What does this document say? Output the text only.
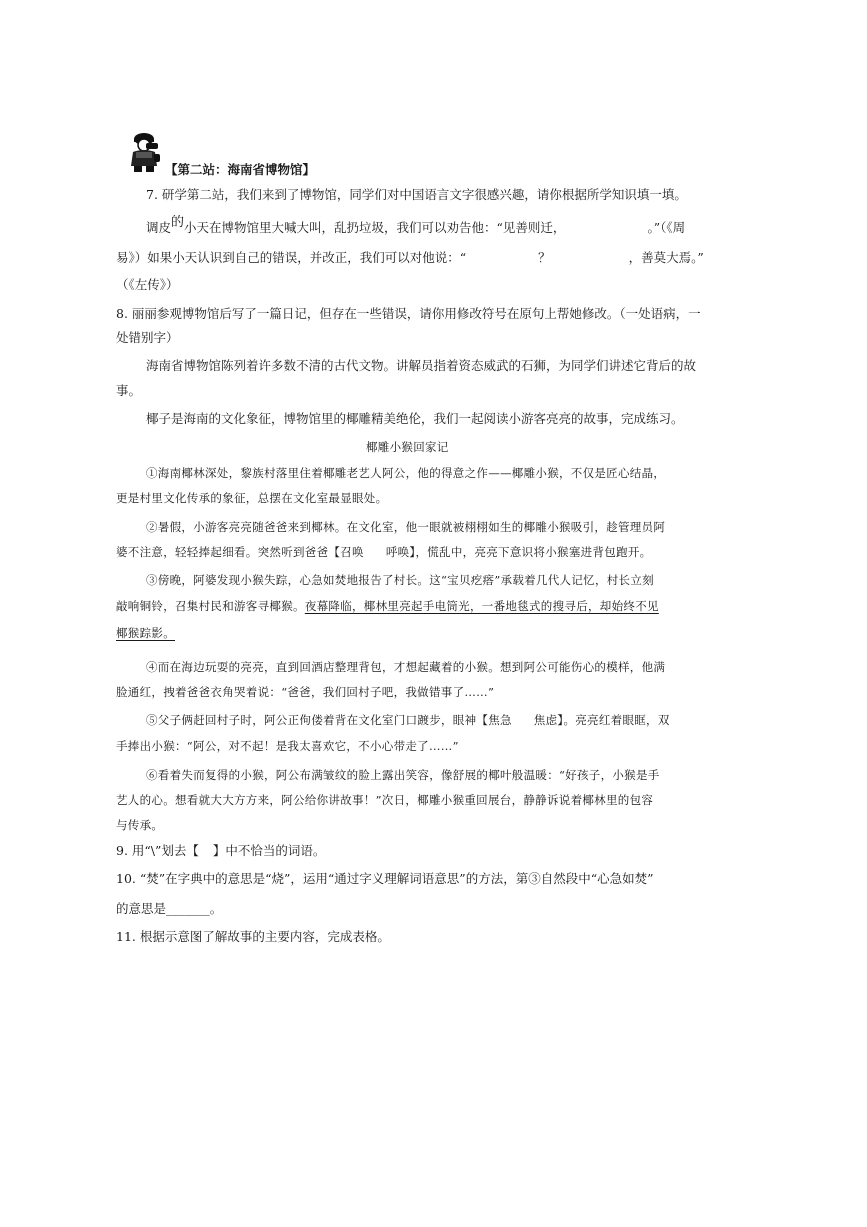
【第二站：海南省博物馆】
7. 研学第二站，我们来到了博物馆，同学们对中国语言文字很感兴趣，请你根据所学知识填一填。
调皮的小天在博物馆里大喊大叫，乱扔垃圾，我们可以劝告他：“见善则迁，	。”（《周
易》）如果小天认识到自己的错误，并改正，我们可以对他说：“	？	，善莫大焉。”
（《左传》）
8. 丽丽参观博物馆后写了一篇日记，但存在一些错误，请你用修改符号在原句上帮她修改。（一处语病，一
处错别字）
海南省博物馆陈列着许多数不清的古代文物。讲解员指着资态威武的石狮，为同学们讲述它背后的故
事。
椰子是海南的文化象征，博物馆里的椰雕精美绝伦，我们一起阅读小游客亮亮的故事，完成练习。
椰雕小猴回家记
①海南椰林深处，黎族村落里住着椰雕老艺人阿公，他的得意之作——椰雕小猴，不仅是匠心结晶，
更是村里文化传承的象征，总摆在文化室最显眼处。
②暑假，小游客亮亮随爸爸来到椰林。在文化室，他一眼就被栩栩如生的椰雕小猴吸引，趁管理员阿
婆不注意，轻轻捧起细看。突然听到爸爸【召唤 呼唤】，慌乱中，亮亮下意识将小猴塞进背包跑开。
③傍晚，阿婆发现小猴失踪，心急如焚地报告了村长。这“宝贝疙瘩”承载着几代人记忆，村长立刻
敲响铜铃，召集村民和游客寻椰猴。夜幕降临，椰林里亮起手电筒光，一番地毯式的搜寻后，却始终不见
椰猴踪影。
④而在海边玩耍的亮亮，直到回酒店整理背包，才想起藏着的小猴。想到阿公可能伤心的模样，他满
脸通红，拽着爸爸衣角哭着说：“爸爸，我们回村子吧，我做错事了……”
⑤父子俩赶回村子时，阿公正佝偻着背在文化室门口踱步，眼神【焦急 焦虑】。亮亮红着眼眶，双
手捧出小猴：“阿公，对不起！是我太喜欢它，不小心带走了……”
⑥看着失而复得的小猴，阿公布满皱纹的脸上露出笑容，像舒展的椰叶般温暖：“好孩子，小猴是手
艺人的心。想看就大大方方来，阿公给你讲故事！”次日，椰雕小猴重回展台，静静诉说着椰林里的包容
与传承。
9. 用“\”划去【 】中不恰当的词语。
10. “焚”在字典中的意思是“烧”，运用“通过字义理解词语意思”的方法，第③自然段中“心急如焚”
的意思是_______。
11. 根据示意图了解故事的主要内容，完成表格。
